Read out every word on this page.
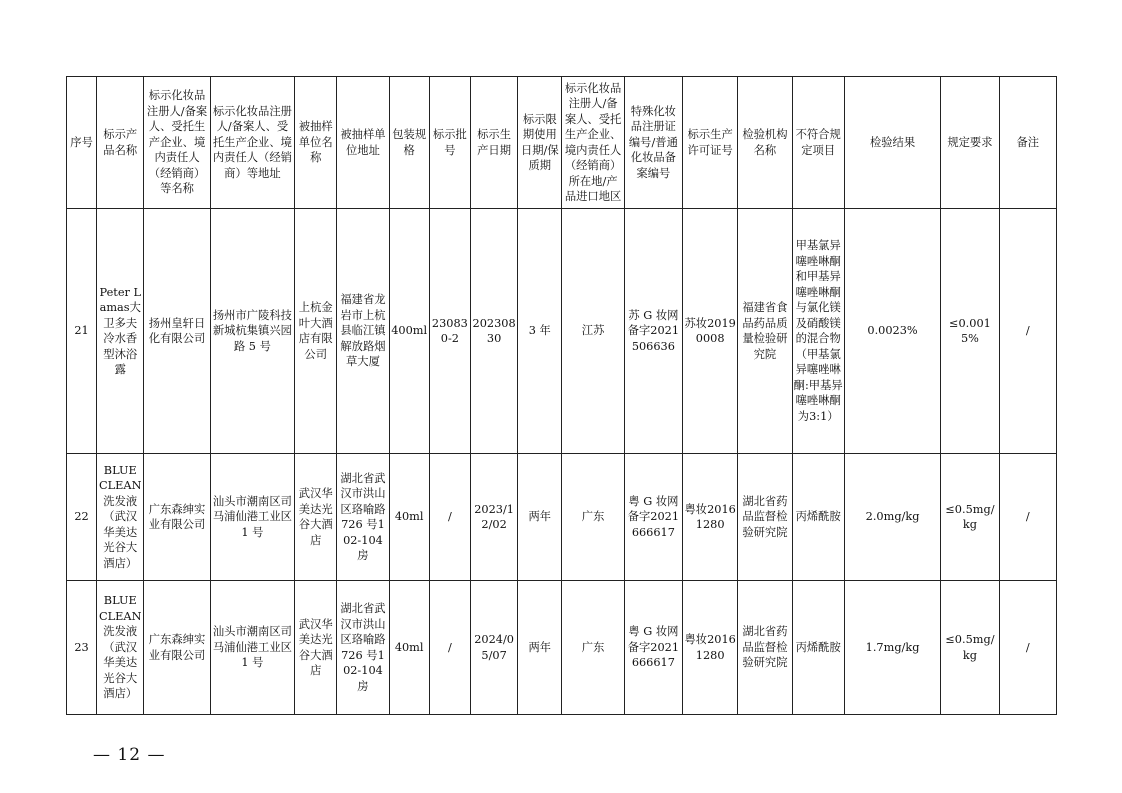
序号	标示产品名称	标示化妆品注册人/备案人、受托生产企业、境内责任人（经销商）等名称	标示化妆品注册人/备案人、受托生产企业、境内责任人（经销商）等地址	被抽样单位名称	被抽样单位地址	包装规格	标示批号	标示生产日期	标示限期使用日期/保质期	标示化妆品注册人/备案人、受托生产企业、境内责任人（经销商）所在地/产品进口地区	特殊化妆品注册证编号/普通化妆品备案编号	标示生产许可证号	检验机构名称	不符合规定项目	检验结果	规定要求	备注
21	Peter Lamas大卫多夫冷水香型沐浴露	扬州皇轩日化有限公司	扬州市广陵科技新城杭集镇兴园路 5 号	上杭金叶大酒店有限公司	福建省龙岩市上杭县临江镇解放路烟草大厦	400ml	230830-2	20230830	3 年	江苏	苏 G 妆网备字2021506636	苏妆20190008	福建省食品药品质量检验研究院	甲基氯异噻唑啉酮和甲基异噻唑啉酮与氯化镁及硝酸镁的混合物（甲基氯异噻唑啉酮:甲基异噻唑啉酮为3:1）	0.0023%	≤0.0015%	/
22	BLUE CLEAN 洗发液（武汉华美达光谷大酒店）	广东森绅实业有限公司	汕头市潮南区司马浦仙港工业区 1 号	武汉华美达光谷大酒店	湖北省武汉市洪山区珞喻路726 号102-104房	40ml	/	2023/12/02	两年	广东	粤 G 妆网备字2021666617	粤妆20161280	湖北省药品监督检验研究院	丙烯酰胺	2.0mg/kg	≤0.5mg/kg	/
23	BLUE CLEAN 洗发液（武汉华美达光谷大酒店）	广东森绅实业有限公司	汕头市潮南区司马浦仙港工业区 1 号	武汉华美达光谷大酒店	湖北省武汉市洪山区珞喻路726 号102-104房	40ml	/	2024/05/07	两年	广东	粤 G 妆网备字2021666617	粤妆20161280	湖北省药品监督检验研究院	丙烯酰胺	1.7mg/kg	≤0.5mg/kg	/
— 12 —
